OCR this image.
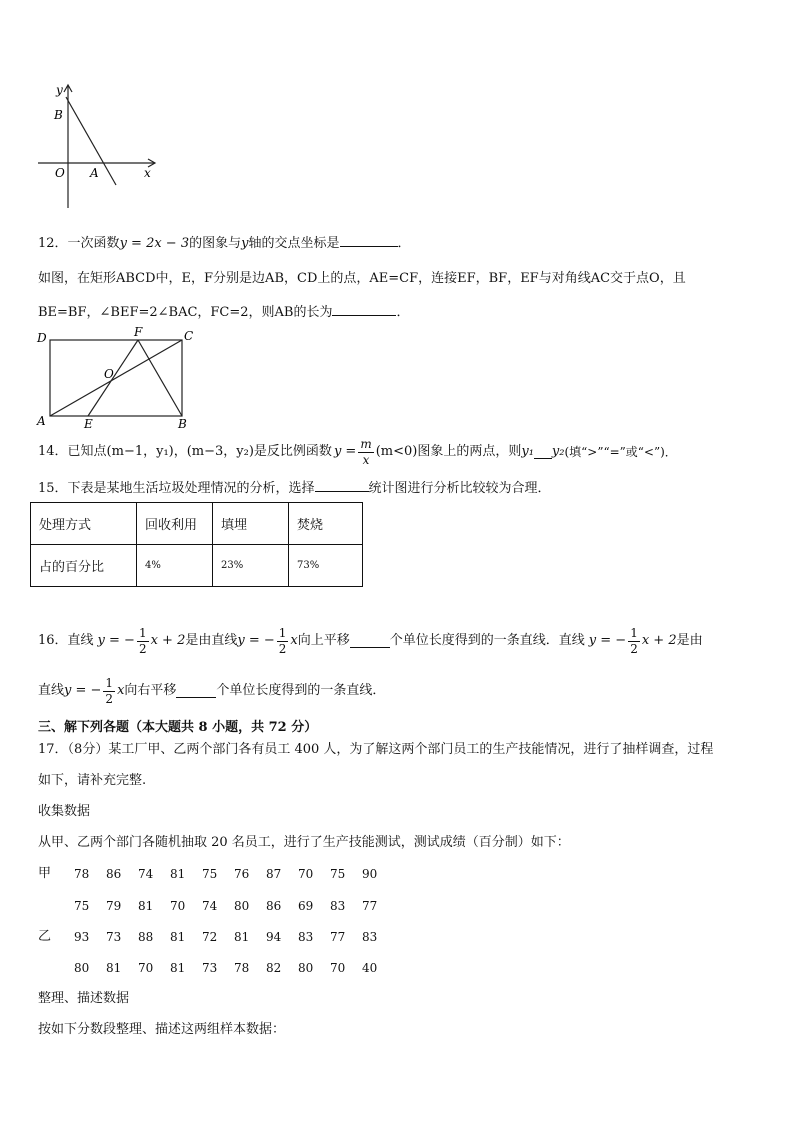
y
B
O A	x
12．一次函数y = 2x − 3的图象与y轴的交点坐标是	．
如图，在矩形ABCD中，E，F分别是边AB，CD上的点，AE=CF，连接EF，BF，EF与对角线AC交于点O，且
BE=BF，∠BEF=2∠BAC，FC=2，则AB的长为	．
D	F	C
O
A	E	B
14．已知点(m−1，y₁)，(m−3，y₂)是反比例函数 $y = \frac{m}{x} (m<0)$图象上的两点，则 y₁ y₂ (填“>”“=”或“<”)．
15．下表是某地生活垃圾处理情况的分析，选择	统计图进行分析比较较为合理．
处理方式	回收利用	填埋	焚烧
占的百分比	4%	23%	73%
16．直线 y = − $\frac{1}{2}$ x + 2 是由直线 y = − $\frac{1}{2}$ x 向上平移	个单位长度得到的一条直线．直线 y = − $\frac{1}{2}$ x + 2 是由
直线 y = − $\frac{1}{2}$ x 向右平移	个单位长度得到的一条直线．
三、解下列各题（本大题共 8 小题，共 72 分）
17．（8分）某工厂甲、乙两个部门各有员工 400 人，为了解这两个部门员工的生产技能情况，进行了抽样调查，过程
如下，请补充完整.
收集数据
从甲、乙两个部门各随机抽取 20 名员工，进行了生产技能测试，测试成绩（百分制）如下：
甲 78 86 74 81 75 76 87 70 75 90
75 79 81 70 74 80 86 69 83 77
乙 93 73 88 81 72 81 94 83 77 83
80 81 70 81 73 78 82 80 70 40
整理、描述数据
按如下分数段整理、描述这两组样本数据：
